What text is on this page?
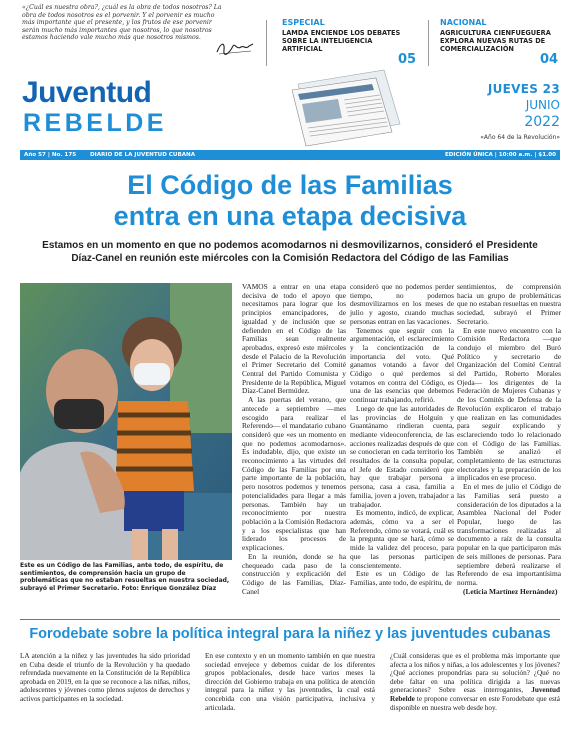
«¿Cuál es nuestra obra?, ¿cuál es la obra de todos nosotros? La obra de todos nosotros es el porvenir. Y el porvenir es mucho más importante que el presente, y los frutos de ese porvenir serán mucho más importantes que nosotros, lo que nosotros estamos haciendo vale mucho más que nosotros mismos.
ESPECIAL
LAMDA ENCIENDE LOS DEBATES SOBRE LA INTELIGENCIA ARTIFICIAL
05
NACIONAL
AGRICULTURA CIENFUEGUERA EXPLORA NUEVAS RUTAS DE COMERCIALIZACIÓN
04
Juventud
REBELDE
JUEVES 23
JUNIO
2022
«Año 64 de la Revolución»
Año 57 | No. 175 DIARIO DE LA JUVENTUD CUBANA	EDICIÓN ÚNICA | 10:00 a.m. | $1.00
El Código de las Familias
entra en una etapa decisiva
Estamos en un momento en que no podemos acomodarnos ni desmovilizarnos, consideró el Presidente Díaz-Canel en reunión este miércoles con la Comisión Redactora del Código de las Familias
Este es un Código de las Familias, ante todo, de espíritu, de sentimientos, de comprensión hacia un grupo de problemáticas que no estaban resueltas en nuestra sociedad, subrayó el Primer Secretario. Foto: Enrique González Díaz

VAMOS a entrar en una etapa decisiva de todo el apoyo que necesitamos para lograr que los principios emancipadores, de igualdad y de inclusión que se defienden en el Código de las Familias sean realmente aprobados, expresó este miércoles desde el Palacio de la Revolución el Primer Secretario del Comité Central del Partido Comunista y Presidente de la República, Miguel Díaz-Canel Bermúdez.

A las puertas del verano, que antecede a septiembre —mes escogido para realizar el Referendo— el mandatario cubano consideró que «es un momento en que no podemos acomodarnos». Es indudable, dijo, que existe un reconocimiento a las virtudes del Código de las Familias por una parte importante de la población, pero nosotros podemos y tenemos potencialidades para llegar a más personas. También hay un reconocimiento por nuestra población a la Comisión Redactora y a los especialistas que han liderado los procesos de explicaciones.

En la reunión, donde se ha chequeado cada paso de la construcción y explicación del Código de las Familias, Díaz-Canel

consideró que no podemos perder tiempo, no podemos desmovilizarnos en los meses de julio y agosto, cuando muchas personas entran en las vacaciones.

Tenemos que seguir con la argumentación, el esclarecimiento y la concientización de la importancia del voto. Qué ganamos votando a favor del Código o qué perdemos si votamos en contra del Código, es una de las esencias que debemos continuar trabajando, refirió.

Luego de que las autoridades de las provincias de Holguín y Guantánamo rindieran cuenta, mediante videoconferencia, de las acciones realizadas después de que se conocieran en cada territorio los resultados de la consulta popular, el Jefe de Estado consideró que hay que trabajar persona a persona, casa a casa, familia a familia, joven a joven, trabajador a trabajador.

Es momento, indicó, de explicar, además, cómo va a ser el Referendo, cómo se votará, cuál es la pregunta que se hará, cómo se mide la validez del proceso, para que las personas participen conscientemente.

Este es un Código de las Familias, ante todo, de espíritu, de

sentimientos, de comprensión hacia un grupo de problemáticas que no estaban resueltas en nuestra sociedad, subrayó el Primer Secretario.

En este nuevo encuentro con la Comisión Redactora —que condujo el miembro del Buró Político y secretario de Organización del Comité Central del Partido, Roberto Morales Ojeda— los dirigentes de la Federación de Mujeres Cubanas y de los Comités de Defensa de la Revolución explicaron el trabajo que realizan en las comunidades para seguir explicando y esclareciendo todo lo relacionado con el Código de las Familias. También se analizó el completamiento de las estructuras electorales y la preparación de los implicados en ese proceso.

En el mes de julio el Código de las Familias será puesto a consideración de los diputados a la Asamblea Nacional del Poder Popular, luego de las transformaciones realizadas al documento a raíz de la consulta popular en la que participaron más de seis millones de personas. Para septiembre deberá realizarse el Referendo de esa importantísima norma.

(Leticia Martínez Hernández)

Forodebate sobre la política integral para la niñez y las juventudes cubanas
LA atención a la niñez y las juventudes ha sido prioridad en Cuba desde el triunfo de la Revolución y ha quedado refrendada nuevamente en la Constitución de la República aprobada en 2019, en la que se reconoce a las niñas, niños, adolescentes y jóvenes como plenos sujetos de derechos y activos participantes en la sociedad.
En ese contexto y en un momento también en que nuestra sociedad envejece y debemos cuidar de los diferentes grupos poblacionales, desde hace varios meses la dirección del Gobierno trabaja en una política de atención integral para la niñez y las juventudes, la cual está concebida con una visión participativa, inclusiva y articulada.
¿Cuál consideras que es el problema más importante que afecta a los niños y niñas, a los adolescentes y los jóvenes? ¿Qué acciones propondrías para su solución? ¿Qué no debe faltar en una política dirigida a las nuevas generaciones? Sobre esas interrogantes, Juventud Rebelde te propone conversar en este Forodebate que está disponible en nuestra web desde hoy.
